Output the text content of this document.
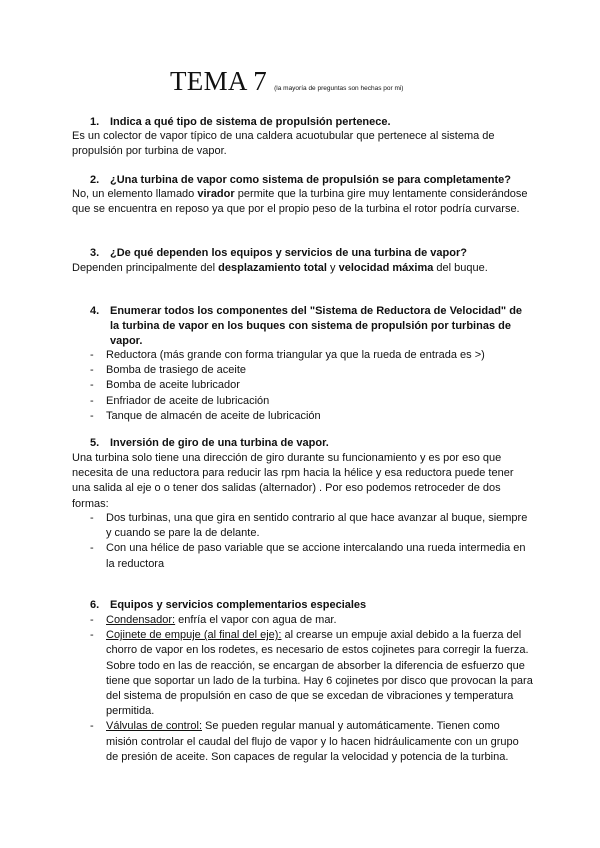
TEMA 7 (la mayoría de preguntas son hechas por mi)
1. Indica a qué tipo de sistema de propulsión pertenece.
Es un colector de vapor típico de una caldera acuotubular que pertenece al sistema de propulsión por turbina de vapor.
2. ¿Una turbina de vapor como sistema de propulsión se para completamente?
No, un elemento llamado virador permite que la turbina gire muy lentamente considerándose que se encuentra en reposo ya que por el propio peso de la turbina el rotor podría curvarse.
3. ¿De qué dependen los equipos y servicios de una turbina de vapor?
Dependen principalmente del desplazamiento total y velocidad máxima del buque.
4. Enumerar todos los componentes del "Sistema de Reductora de Velocidad" de la turbina de vapor en los buques con sistema de propulsión por turbinas de vapor.
- Reductora (más grande con forma triangular ya que la rueda de entrada es >)
- Bomba de trasiego de aceite
- Bomba de aceite lubricador
- Enfriador de aceite de lubricación
- Tanque de almacén de aceite de lubricación
5. Inversión de giro de una turbina de vapor.
Una turbina solo tiene una dirección de giro durante su funcionamiento y es por eso que necesita de una reductora para reducir las rpm hacia la hélice y esa reductora puede tener una salida al eje o o tener dos salidas (alternador) . Por eso podemos retroceder de dos formas:
- Dos turbinas, una que gira en sentido contrario al que hace avanzar al buque, siempre y cuando se pare la de delante.
- Con una hélice de paso variable que se accione intercalando una rueda intermedia en la reductora
6. Equipos y servicios complementarios especiales
- Condensador: enfría el vapor con agua de mar.
- Cojinete de empuje (al final del eje): al crearse un empuje axial debido a la fuerza del chorro de vapor en los rodetes, es necesario de estos cojinetes para corregir la fuerza. Sobre todo en las de reacción, se encargan de absorber la diferencia de esfuerzo que tiene que soportar un lado de la turbina. Hay 6 cojinetes por disco que provocan la para del sistema de propulsión en caso de que se excedan de vibraciones y temperatura permitida.
- Válvulas de control: Se pueden regular manual y automáticamente. Tienen como misión controlar el caudal del flujo de vapor y lo hacen hidráulicamente con un grupo de presión de aceite. Son capaces de regular la velocidad y potencia de la turbina.
